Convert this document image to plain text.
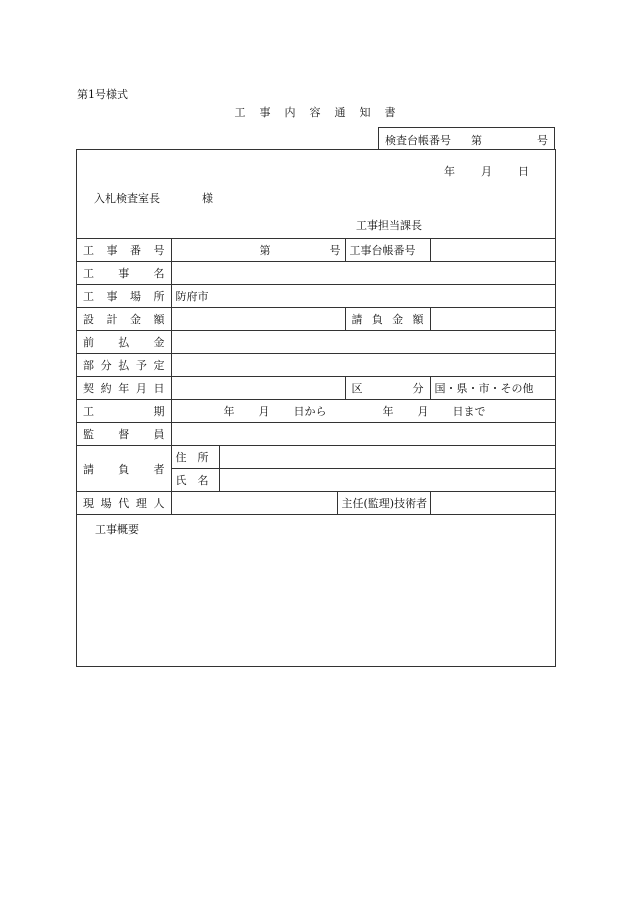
第1号様式
工 事 内 容 通 知 書
検査台帳番号 第	号
年 月 日
入札検査室長	様
工事担当課長
工 事 番 号	第 号			工事台帳番号	

工 事 名					

工 事 場 所	防府市				

設 計 金 額				請 負 金 額	

前 払 金					

部 分 払 予 定					

契 約 年 月 日				区 分	国・県・市・その他

工 期	年 月 日から 年 月 日まで				

監 督 員					

請 負 者	住　所				
	氏　名				

現 場 代 理 人			主任(監理)技術者		
工事概要					
